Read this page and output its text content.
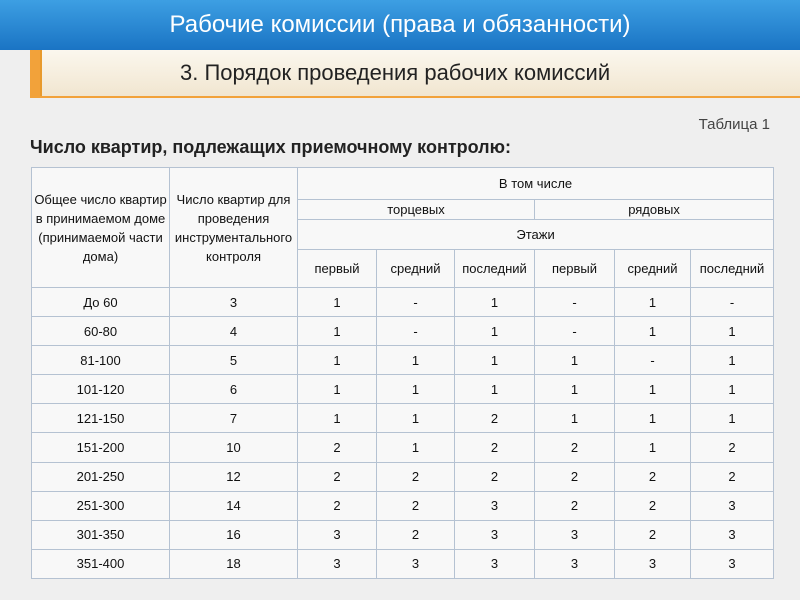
Рабочие комиссии (права и обязанности)
3. Порядок проведения рабочих комиссий
Таблица 1
Число квартир, подлежащих приемочному контролю:
Общее число квартир в принимаемом доме (принимаемой части дома)	Число квартир для проведения инструментального контроля	В том числе					
		торцевых			рядовых		
		Этажи					
		первый	средний	последний	первый	средний	последний
До 60	3	1	-	1	-	1	-
60-80	4	1	-	1	-	1	1
81-100	5	1	1	1	1	-	1
101-120	6	1	1	1	1	1	1
121-150	7	1	1	2	1	1	1
151-200	10	2	1	2	2	1	2
201-250	12	2	2	2	2	2	2
251-300	14	2	2	3	2	2	3
301-350	16	3	2	3	3	2	3
351-400	18	3	3	3	3	3	3
